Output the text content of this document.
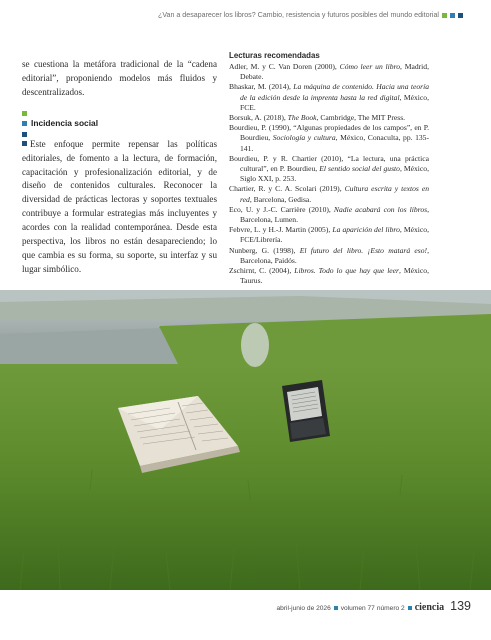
¿Van a desaparecer los libros? Cambio, resistencia y futuros posibles del mundo editorial

se cuestiona la metáfora tradicional de la “cadena editorial”, proponiendo modelos más fluidos y descentralizados.

Incidencia social

Este enfoque permite repensar las políticas editoriales, de fomento a la lectura, de formación, capacitación y profesionalización editorial, y de diseño de contenidos culturales. Reconocer la diversidad de prácticas lectoras y soportes textuales contribuye a formular estrategias más incluyentes y acordes con la realidad contemporánea. Desde esta perspectiva, los libros no están desapareciendo; lo que cambia es su forma, su soporte, su interfaz y su lugar simbólico.

Lecturas recomendadas

Adler, M. y C. Van Doren (2000), Cómo leer un libro, Madrid, Debate.

Bhaskar, M. (2014), La máquina de contenido. Hacia una teoría de la edición desde la imprenta hasta la red digital, México, FCE.

Borsuk, A. (2018), The Book, Cambridge, The MIT Press.

Bourdieu, P. (1990), “Algunas propiedades de los campos”, en P. Bourdieu, Sociología y cultura, México, Conaculta, pp. 135-141.

Bourdieu, P. y R. Chartier (2010), “La lectura, una práctica cultural”, en P. Bourdieu, El sentido social del gusto, México, Siglo XXI, p. 253.

Chartier, R. y C. A. Scolari (2019), Cultura escrita y textos en red, Barcelona, Gedisa.

Eco, U. y J.-C. Carrière (2010), Nadie acabará con los libros, Barcelona, Lumen.

Febvre, L. y H.-J. Martin (2005), La aparición del libro, México, FCE/Librería.

Nunberg, G. (1998), El futuro del libro. ¡Esto matará eso!, Barcelona, Paidós.

Zschirnt, C. (2004), Libros. Todo lo que hay que leer, México, Taurus.

abril-junio de 2026 volumen 77 número 2 ciencia 139
